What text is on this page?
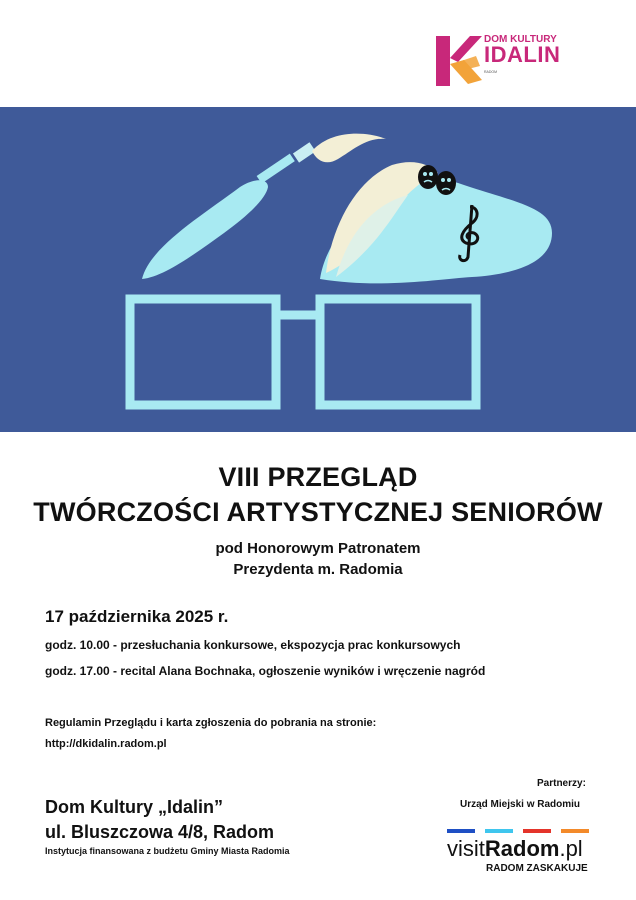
DOM KULTURY
IDALIN
RADOM
VIII PRZEGLĄD
TWÓRCZOŚCI ARTYSTYCZNEJ SENIORÓW
pod Honorowym Patronatem
Prezydenta m. Radomia
17 października 2025 r.
godz. 10.00 - przesłuchania konkursowe, ekspozycja prac konkursowych
godz. 17.00 - recital Alana Bochnaka, ogłoszenie wyników i wręczenie nagród
Regulamin Przeglądu i karta zgłoszenia do pobrania na stronie:
http://dkidalin.radom.pl
Dom Kultury „Idalin”
ul. Bluszczowa 4/8, Radom
Instytucja finansowana z budżetu Gminy Miasta Radomia
Partnerzy:
Urząd Miejski w Radomiu
visitRadom.pl
RADOM ZASKAKUJE
